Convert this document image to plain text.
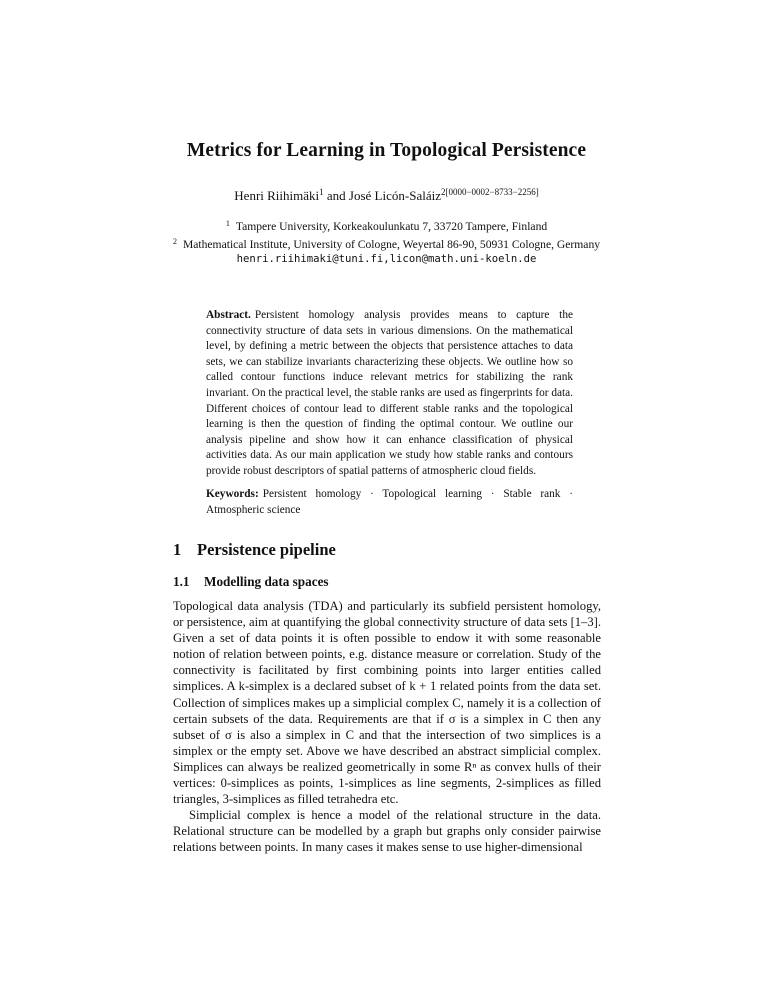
Metrics for Learning in Topological Persistence
Henri Riihimäki$^1$ and José Licón-Saláiz$^{2[0000-0002-8733-2256]}$
$^1$ Tampere University, Korkeakoulunkatu 7, 33720 Tampere, Finland
$^2$ Mathematical Institute, University of Cologne, Weyertal 86-90, 50931 Cologne, Germany
henri.riihimaki@tuni.fi,licon@math.uni-koeln.de
Abstract. Persistent homology analysis provides means to capture the connectivity structure of data sets in various dimensions. On the mathematical level, by defining a metric between the objects that persistence attaches to data sets, we can stabilize invariants characterizing these objects. We outline how so called contour functions induce relevant metrics for stabilizing the rank invariant. On the practical level, the stable ranks are used as fingerprints for data. Different choices of contour lead to different stable ranks and the topological learning is then the question of finding the optimal contour. We outline our analysis pipeline and show how it can enhance classification of physical activities data. As our main application we study how stable ranks and contours provide robust descriptors of spatial patterns of atmospheric cloud fields.
Keywords: Persistent homology · Topological learning · Stable rank · Atmospheric science
1 Persistence pipeline
1.1 Modelling data spaces

Topological data analysis (TDA) and particularly its subfield persistent homology, or persistence, aim at quantifying the global connectivity structure of data sets [1–3]. Given a set of data points it is often possible to endow it with some reasonable notion of relation between points, e.g. distance measure or correlation. Study of the connectivity is facilitated by first combining points into larger entities called simplices. A k-simplex is a declared subset of k + 1 related points from the data set. Collection of simplices makes up a simplicial complex C, namely it is a collection of certain subsets of the data. Requirements are that if σ is a simplex in C then any subset of σ is also a simplex in C and that the intersection of two simplices is a simplex or the empty set. Above we have described an abstract simplicial complex. Simplices can always be realized geometrically in some Rⁿ as convex hulls of their vertices: 0-simplices as points, 1-simplices as line segments, 2-simplices as filled triangles, 3-simplices as filled tetrahedra etc.

Simplicial complex is hence a model of the relational structure in the data. Relational structure can be modelled by a graph but graphs only consider pairwise relations between points. In many cases it makes sense to use higher-dimensional
